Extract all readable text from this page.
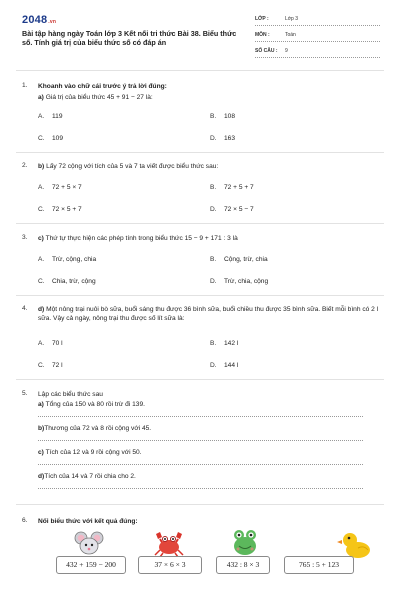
2048.vn
Bài tập hàng ngày Toán lớp 3 Kết nối tri thức Bài 38. Biểu thức số. Tính giá trị của biểu thức số có đáp án
LỚP :	Lớp 3
MÔN :	Toán
SỐ CÂU : 9
1. Khoanh vào chữ cái trước ý trả lời đúng:
a) Giá trị của biểu thức 45 + 91 − 27 là:
A. 119	B. 108
C. 109	D. 163
2. b) Lấy 72 cộng với tích của 5 và 7 ta viết được biểu thức sau:
A. 72 + 5 × 7	B. 72 + 5 + 7
C. 72 × 5 + 7	D. 72 × 5 − 7
3. c) Thứ tự thực hiện các phép tính trong biểu thức 15 − 9 + 171 : 3 là
A. Trừ, cộng, chia	B. Cộng, trừ, chia
C. Chia, trừ, cộng	D. Trừ, chia, cộng
4. d) Một nông trại nuôi bò sữa, buổi sáng thu được 36 bình sữa, buổi chiều thu được 35 bình sữa. Biết mỗi bình có 2 l sữa. Vậy cả ngày, nông trại thu được số lít sữa là:
A. 70 l	B. 142 l
C. 72 l	D. 144 l
5. Lập các biểu thức sau
a) Tổng của 150 và 80 rồi trừ đi 139.
b)Thương của 72 và 8 rồi cộng với 45.
c) Tích của 12 và 9 rồi cộng với 50.
d)Tích của 14 và 7 rồi chia cho 2.
6. Nối biểu thức với kết quả đúng:
432 + 159 − 200	37 × 6 × 3	432 : 8 × 3	765 : 5 + 123
